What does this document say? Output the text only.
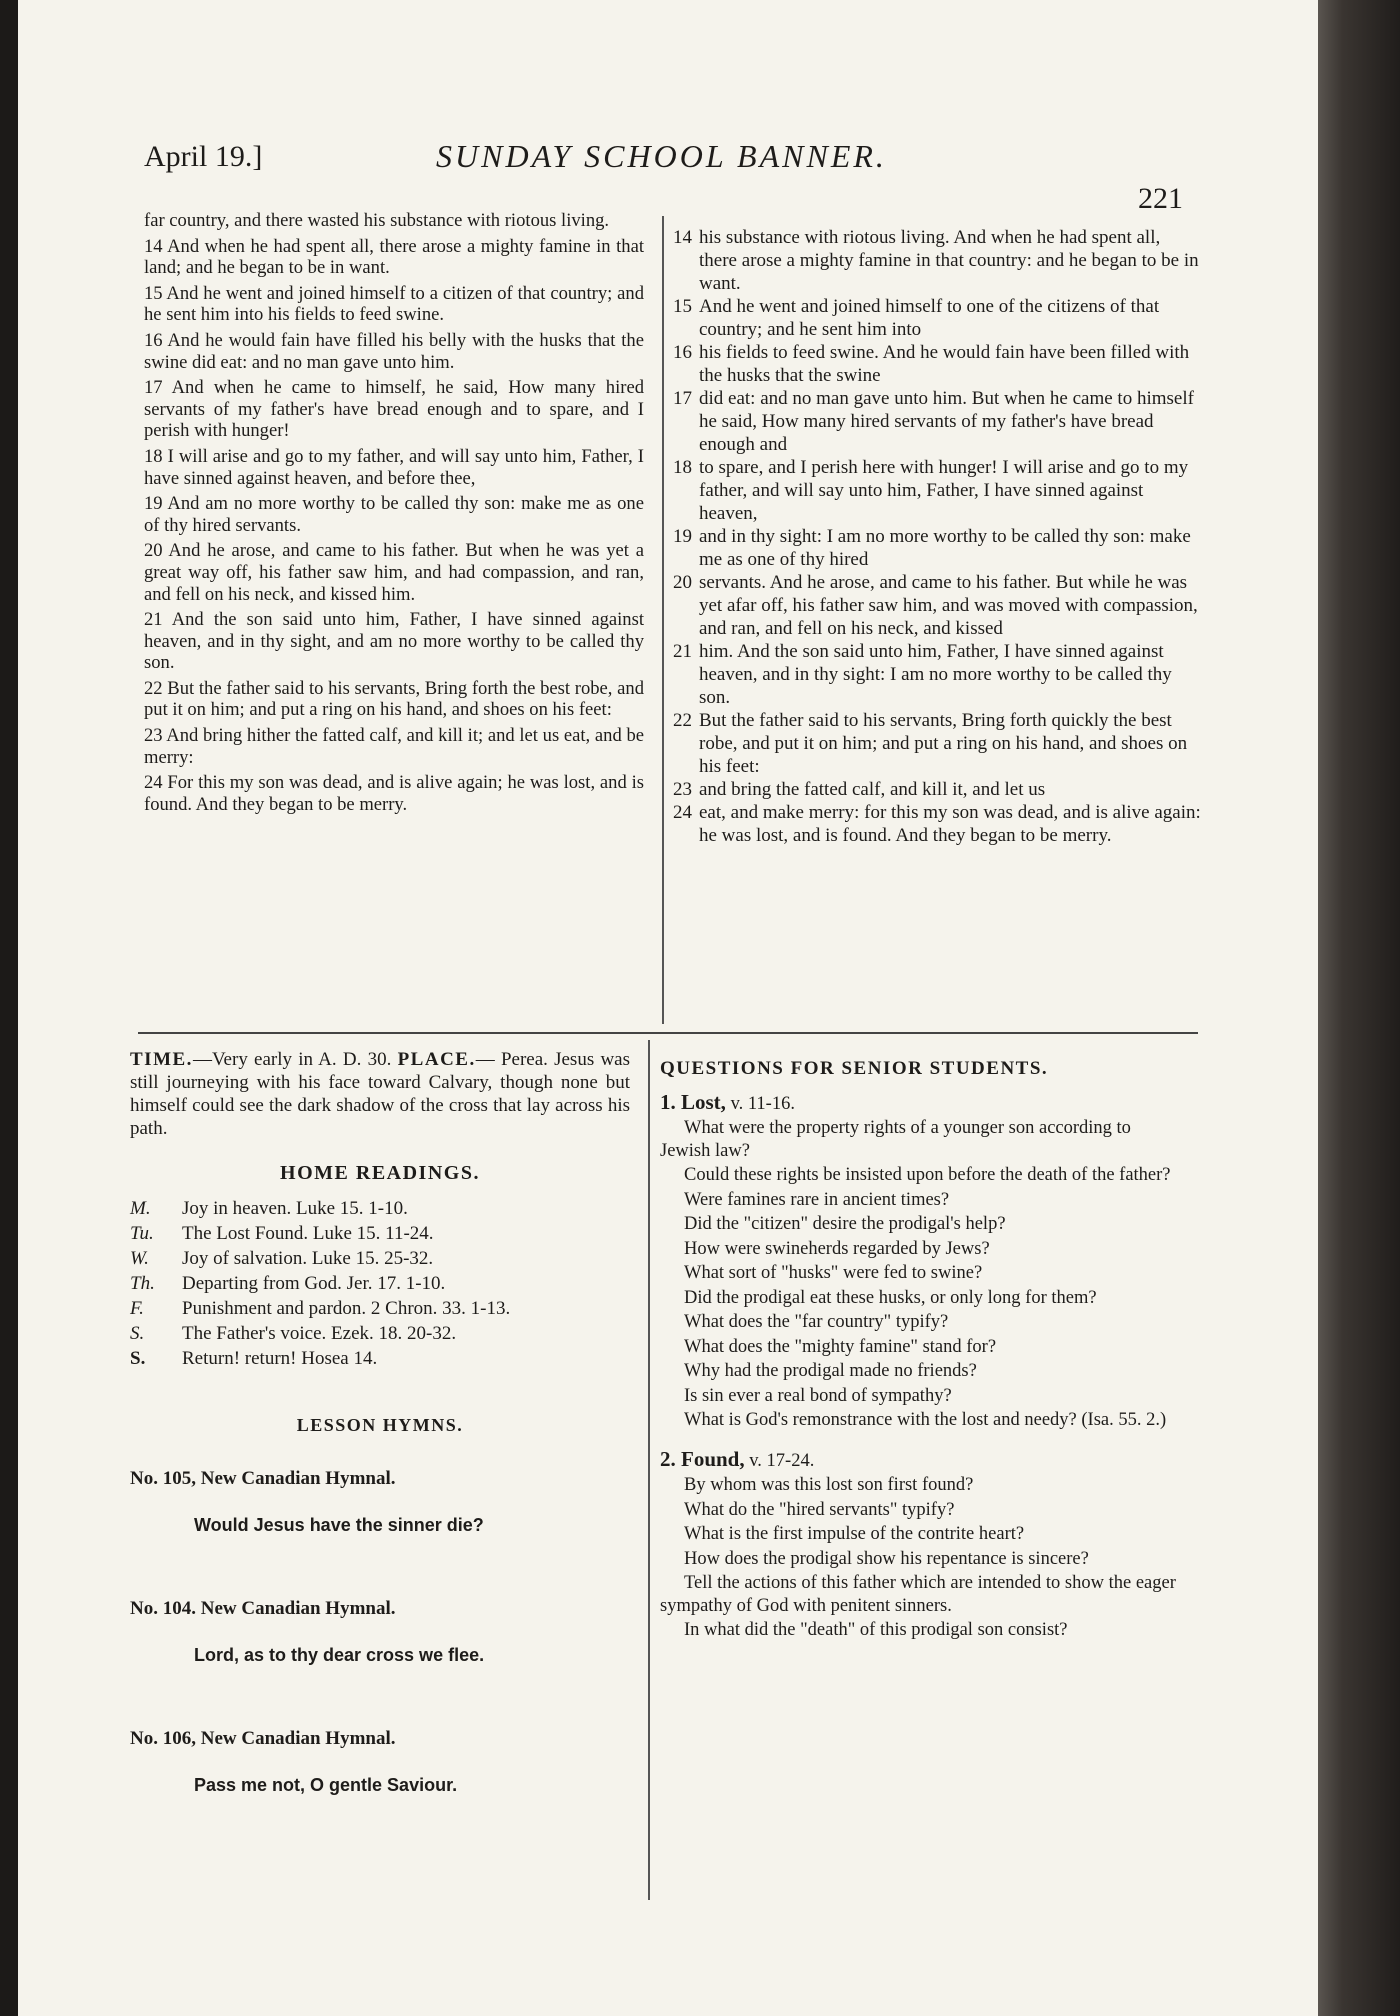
April 19.]	SUNDAY SCHOOL BANNER.
221

far country, and there wasted his substance with riotous living.

14 And when he had spent all, there arose a mighty famine in that land; and he began to be in want.

15 And he went and joined himself to a citizen of that country; and he sent him into his fields to feed swine.

16 And he would fain have filled his belly with the husks that the swine did eat: and no man gave unto him.

17 And when he came to himself, he said, How many hired servants of my father's have bread enough and to spare, and I perish with hunger!

18 I will arise and go to my father, and will say unto him, Father, I have sinned against heaven, and before thee,

19 And am no more worthy to be called thy son: make me as one of thy hired servants.

20 And he arose, and came to his father. But when he was yet a great way off, his father saw him, and had compassion, and ran, and fell on his neck, and kissed him.

21 And the son said unto him, Father, I have sinned against heaven, and in thy sight, and am no more worthy to be called thy son.

22 But the father said to his servants, Bring forth the best robe, and put it on him; and put a ring on his hand, and shoes on his feet:

23 And bring hither the fatted calf, and kill it; and let us eat, and be merry:

24 For this my son was dead, and is alive again; he was lost, and is found. And they began to be merry.

14 his substance with riotous living. And when he had spent all, there arose a mighty famine in that country: and he began to be in want.
15 And he went and joined himself to one of the citizens of that country; and he sent him into
16 his fields to feed swine. And he would fain have been filled with the husks that the swine
17 did eat: and no man gave unto him. But when he came to himself he said, How many hired servants of my father's have bread enough and
18 to spare, and I perish here with hunger! I will arise and go to my father, and will say unto him, Father, I have sinned against heaven,
19 and in thy sight: I am no more worthy to be called thy son: make me as one of thy hired
20 servants. And he arose, and came to his father. But while he was yet afar off, his father saw him, and was moved with compassion, and ran, and fell on his neck, and kissed
21 him. And the son said unto him, Father, I have sinned against heaven, and in thy sight: I am no more worthy to be called thy son.
22 But the father said to his servants, Bring forth quickly the best robe, and put it on him; and put a ring on his hand, and shoes on his feet:
23 and bring the fatted calf, and kill it, and let us
24 eat, and make merry: for this my son was dead, and is alive again: he was lost, and is found. And they began to be merry.

TIME.—Very early in A. D. 30. PLACE.— Perea. Jesus was still journeying with his face toward Calvary, though none but himself could see the dark shadow of the cross that lay across his path.

HOME READINGS.
M.	Joy in heaven. Luke 15. 1-10.
Tu.	The Lost Found. Luke 15. 11-24.
W.	Joy of salvation. Luke 15. 25-32.
Th.	Departing from God. Jer. 17. 1-10.
F.	Punishment and pardon. 2 Chron. 33. 1-13.
S.	The Father's voice. Ezek. 18. 20-32.
S.	Return! return! Hosea 14.
LESSON HYMNS.
No. 105, New Canadian Hymnal.
Would Jesus have the sinner die?
No. 104. New Canadian Hymnal.
Lord, as to thy dear cross we flee.
No. 106, New Canadian Hymnal.
Pass me not, O gentle Saviour.
QUESTIONS FOR SENIOR STUDENTS.
1. Lost, v. 11-16.
What were the property rights of a younger son according to Jewish law?
Could these rights be insisted upon before the death of the father?
Were famines rare in ancient times?
Did the "citizen" desire the prodigal's help?
How were swineherds regarded by Jews?
What sort of "husks" were fed to swine?
Did the prodigal eat these husks, or only long for them?
What does the "far country" typify?
What does the "mighty famine" stand for?
Why had the prodigal made no friends?
Is sin ever a real bond of sympathy?
What is God's remonstrance with the lost and needy? (Isa. 55. 2.)
2. Found, v. 17-24.
By whom was this lost son first found?
What do the "hired servants" typify?
What is the first impulse of the contrite heart?
How does the prodigal show his repentance is sincere?
Tell the actions of this father which are intended to show the eager sympathy of God with penitent sinners.
In what did the "death" of this prodigal son consist?
